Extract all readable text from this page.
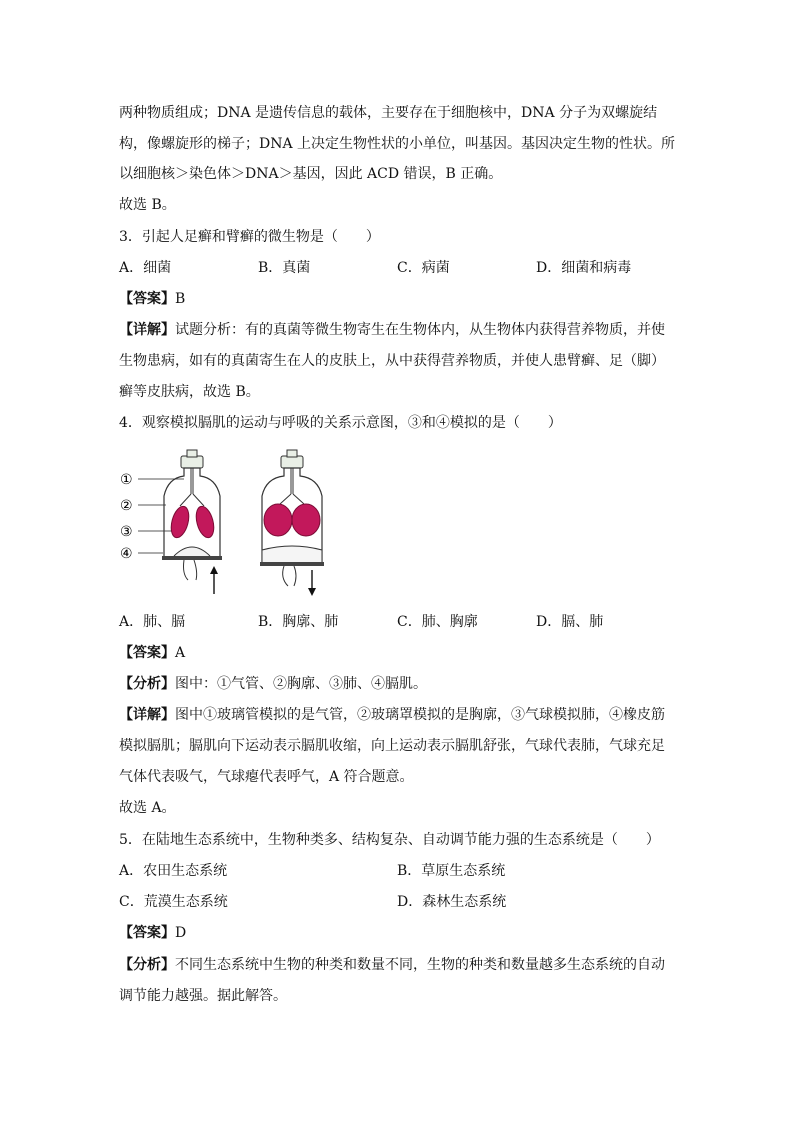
两种物质组成；DNA 是遗传信息的载体，主要存在于细胞核中，DNA 分子为双螺旋结
构，像螺旋形的梯子；DNA 上决定生物性状的小单位，叫基因。基因决定生物的性状。所
以细胞核＞染色体＞DNA＞基因，因此 ACD 错误，B 正确。
故选 B。
3．引起人足癣和臂癣的微生物是（　　）
A．细菌	B．真菌	C．病菌	D．细菌和病毒
【答案】B
【详解】试题分析：有的真菌等微生物寄生在生物体内，从生物体内获得营养物质，并使
生物患病，如有的真菌寄生在人的皮肤上，从中获得营养物质，并使人患臂癣、足（脚）
癣等皮肤病，故选 B。
4．观察模拟膈肌的运动与呼吸的关系示意图，③和④模拟的是（　　）
①
②
③
④
A．肺、膈	B．胸廓、肺	C．肺、胸廓	D．膈、肺
【答案】A
【分析】图中：①气管、②胸廓、③肺、④膈肌。
【详解】图中①玻璃管模拟的是气管，②玻璃罩模拟的是胸廓，③气球模拟肺，④橡皮筋
模拟膈肌；膈肌向下运动表示膈肌收缩，向上运动表示膈肌舒张，气球代表肺，气球充足
气体代表吸气，气球瘪代表呼气，A 符合题意。
故选 A。
5．在陆地生态系统中，生物种类多、结构复杂、自动调节能力强的生态系统是（　　）
A．农田生态系统	B．草原生态系统
C．荒漠生态系统	D．森林生态系统
【答案】D
【分析】不同生态系统中生物的种类和数量不同，生物的种类和数量越多生态系统的自动
调节能力越强。据此解答。
